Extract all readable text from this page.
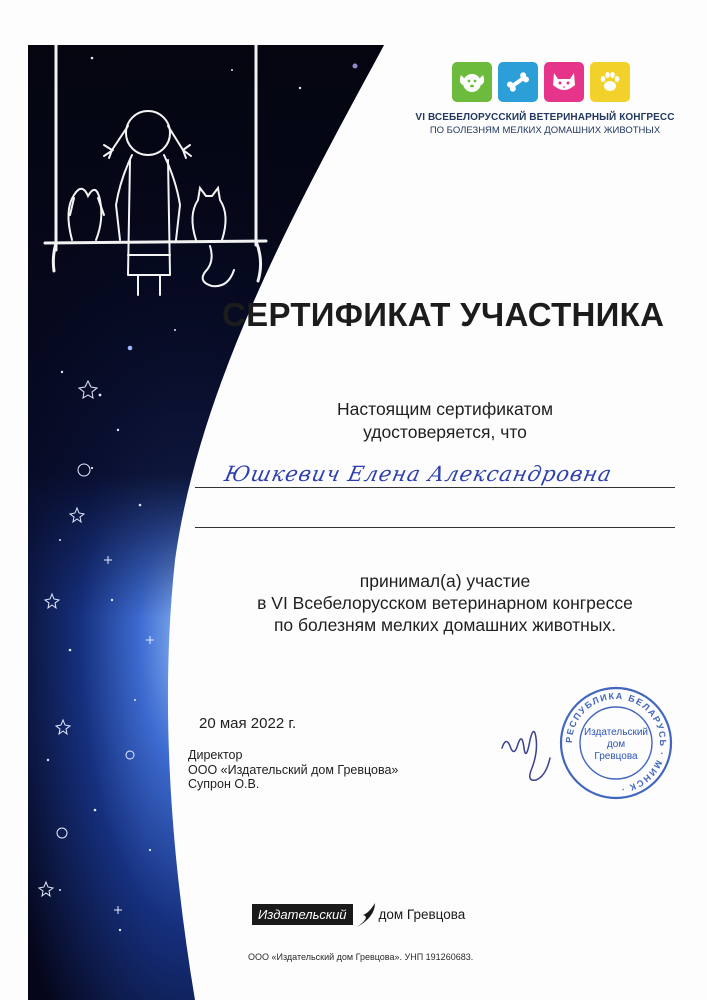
VI ВСЕБЕЛОРУССКИЙ ВЕТЕРИНАРНЫЙ КОНГРЕСС
ПО БОЛЕЗНЯМ МЕЛКИХ ДОМАШНИХ ЖИВОТНЫХ
СЕРТИФИКАТ УЧАСТНИКА
Настоящим сертификатом
удостоверяется, что
Юшкевич Елена Александровна
принимал(а) участие
в VI Всебелорусском ветеринарном конгрессе
по болезням мелких домашних животных.
20 мая 2022 г.
Директор
ООО «Издательский дом Гревцова»
Супрон О.В.
РЕСПУБЛИКА БЕЛАРУСЬ · МИНСК ·
Издательский
дом
Гревцова
Издательский	дом Гревцова
ООО «Издательский дом Гревцова». УНП 191260683.
